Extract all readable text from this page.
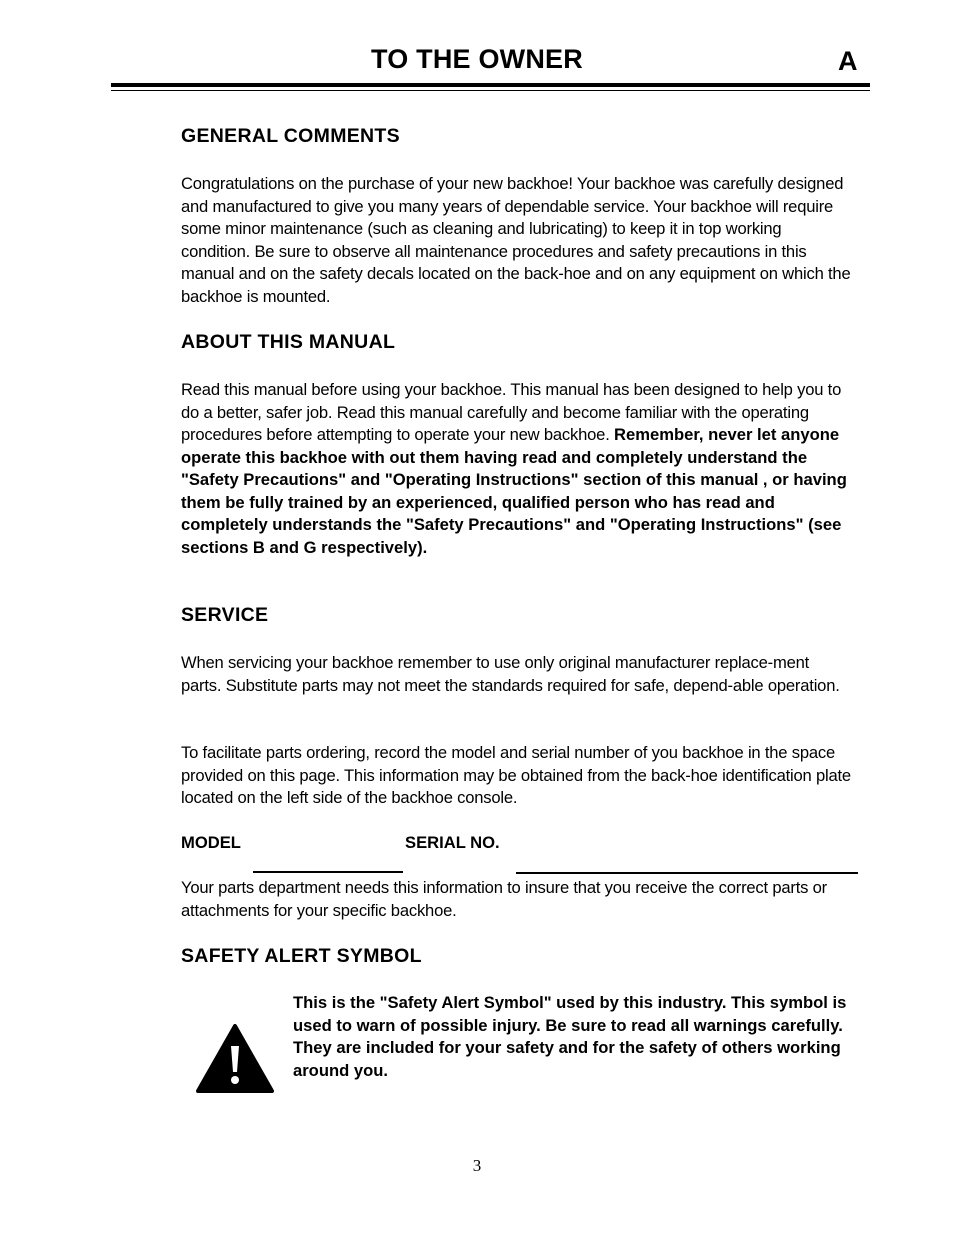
TO THE OWNER	A
GENERAL COMMENTS

Congratulations on the purchase of your new backhoe! Your backhoe was carefully designed and manufactured to give you many years of dependable service. Your backhoe will require some minor maintenance (such as cleaning and lubricating) to keep it in top working condition. Be sure to observe all maintenance procedures and safety precautions in this manual and on the safety decals located on the back-hoe and on any equipment on which the backhoe is mounted.

ABOUT THIS MANUAL
Read this manual before using your backhoe. This manual has been designed to help you to do a better, safer job. Read this manual carefully and become familiar with the operating procedures before attempting to operate your new backhoe. Remember, never let anyone operate this backhoe with out them having read and completely understand the "Safety Precautions" and "Operating Instructions" section of this manual , or having them be fully trained by an experienced, qualified person who has read and completely understands the "Safety Precautions" and "Operating Instructions" (see sections B and G respectively).
SERVICE

When servicing your backhoe remember to use only original manufacturer replace-ment parts. Substitute parts may not meet the standards required for safe, depend-able operation.

To facilitate parts ordering, record the model and serial number of you backhoe in the space provided on this page. This information may be obtained from the back-hoe identification plate located on the left side of the backhoe console.

MODEL	SERIAL NO.

Your parts department needs this information to insure that you receive the correct parts or attachments for your specific backhoe.

SAFETY ALERT SYMBOL

This is the "Safety Alert Symbol" used by this industry. This symbol is used to warn of possible injury. Be sure to read all warnings carefully. They are included for your safety and for the safety of others working around you.

3
